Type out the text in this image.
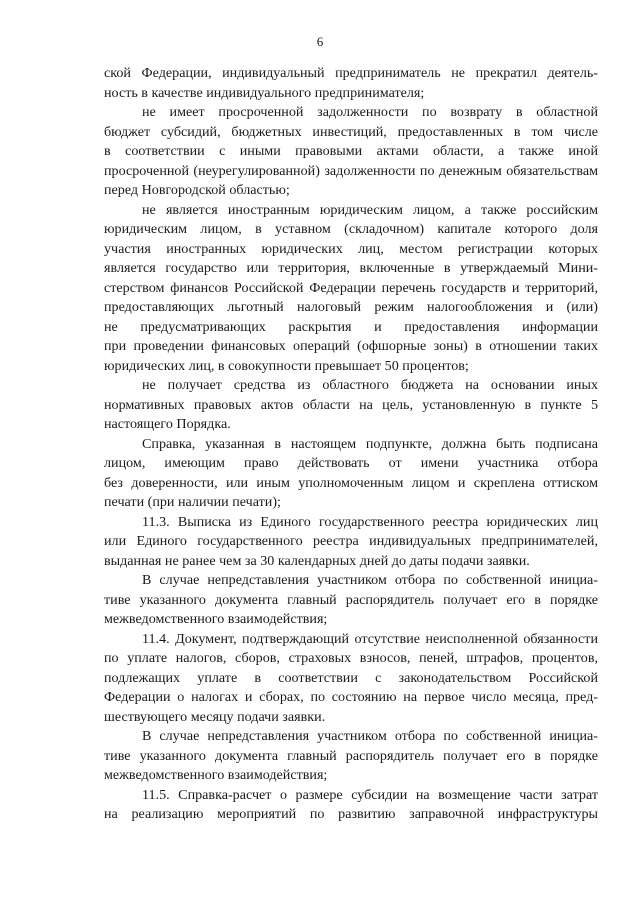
6
ской Федерации, индивидуальный предприниматель не прекратил деятель-
ность в качестве индивидуального предпринимателя;
не имеет просроченной задолженности по возврату в областной
бюджет субсидий, бюджетных инвестиций, предоставленных в том числе
в соответствии с иными правовыми актами области, а также иной
просроченной (неурегулированной) задолженности по денежным обязательствам
перед Новгородской областью;
не является иностранным юридическим лицом, а также российским
юридическим лицом, в уставном (складочном) капитале которого доля
участия иностранных юридических лиц, местом регистрации которых
является государство или территория, включенные в утверждаемый Мини-
стерством финансов Российской Федерации перечень государств и территорий,
предоставляющих льготный налоговый режим налогообложения и (или)
не предусматривающих раскрытия и предоставления информации
при проведении финансовых операций (офшорные зоны) в отношении таких
юридических лиц, в совокупности превышает 50 процентов;
не получает средства из областного бюджета на основании иных
нормативных правовых актов области на цель, установленную в пункте 5
настоящего Порядка.
Справка, указанная в настоящем подпункте, должна быть подписана
лицом, имеющим право действовать от имени участника отбора
без доверенности, или иным уполномоченным лицом и скреплена оттиском
печати (при наличии печати);
11.3. Выписка из Единого государственного реестра юридических лиц
или Единого государственного реестра индивидуальных предпринимателей,
выданная не ранее чем за 30 календарных дней до даты подачи заявки.
В случае непредставления участником отбора по собственной инициа-
тиве указанного документа главный распорядитель получает его в порядке
межведомственного взаимодействия;
11.4. Документ, подтверждающий отсутствие неисполненной обязанности
по уплате налогов, сборов, страховых взносов, пеней, штрафов, процентов,
подлежащих уплате в соответствии с законодательством Российской
Федерации о налогах и сборах, по состоянию на первое число месяца, пред-
шествующего месяцу подачи заявки.
В случае непредставления участником отбора по собственной инициа-
тиве указанного документа главный распорядитель получает его в порядке
межведомственного взаимодействия;
11.5. Справка-расчет о размере субсидии на возмещение части затрат
на реализацию мероприятий по развитию заправочной инфраструктуры
